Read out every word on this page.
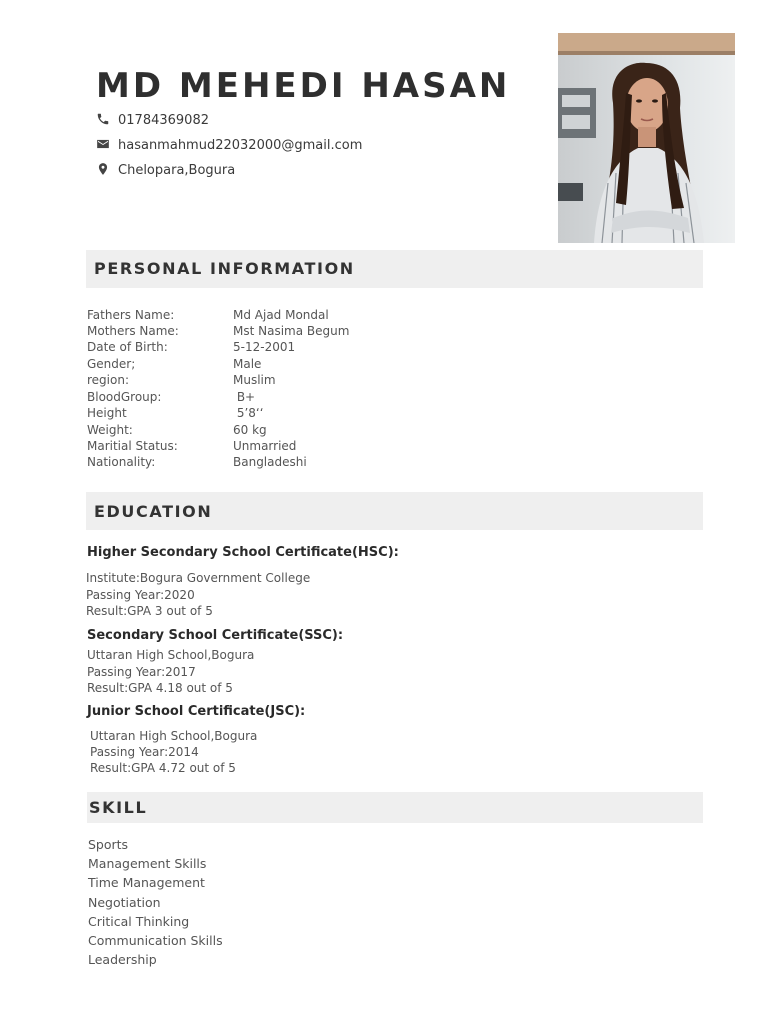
MD MEHEDI HASAN
01784369082
hasanmahmud22032000@gmail.com
Chelopara,Bogura
PERSONAL INFORMATION
Fathers Name:	Md Ajad Mondal
Mothers Name:	Mst Nasima Begum
Date of Birth:	5-12-2001
Gender;	Male
region:	Muslim
BloodGroup:	B+
Height	5’8‘‘
Weight:	60 kg
Maritial Status:	Unmarried
Nationality:	Bangladeshi
EDUCATION
Higher Secondary School Certificate(HSC):
Institute:Bogura Government College
Passing Year:2020
Result:GPA 3 out of 5
Secondary School Certificate(SSC):
Uttaran High School,Bogura
Passing Year:2017
Result:GPA 4.18 out of 5
Junior School Certificate(JSC):
Uttaran High School,Bogura
Passing Year:2014
Result:GPA 4.72 out of 5
SKILL
Sports
Management Skills
Time Management
Negotiation
Critical Thinking
Communication Skills
Leadership
